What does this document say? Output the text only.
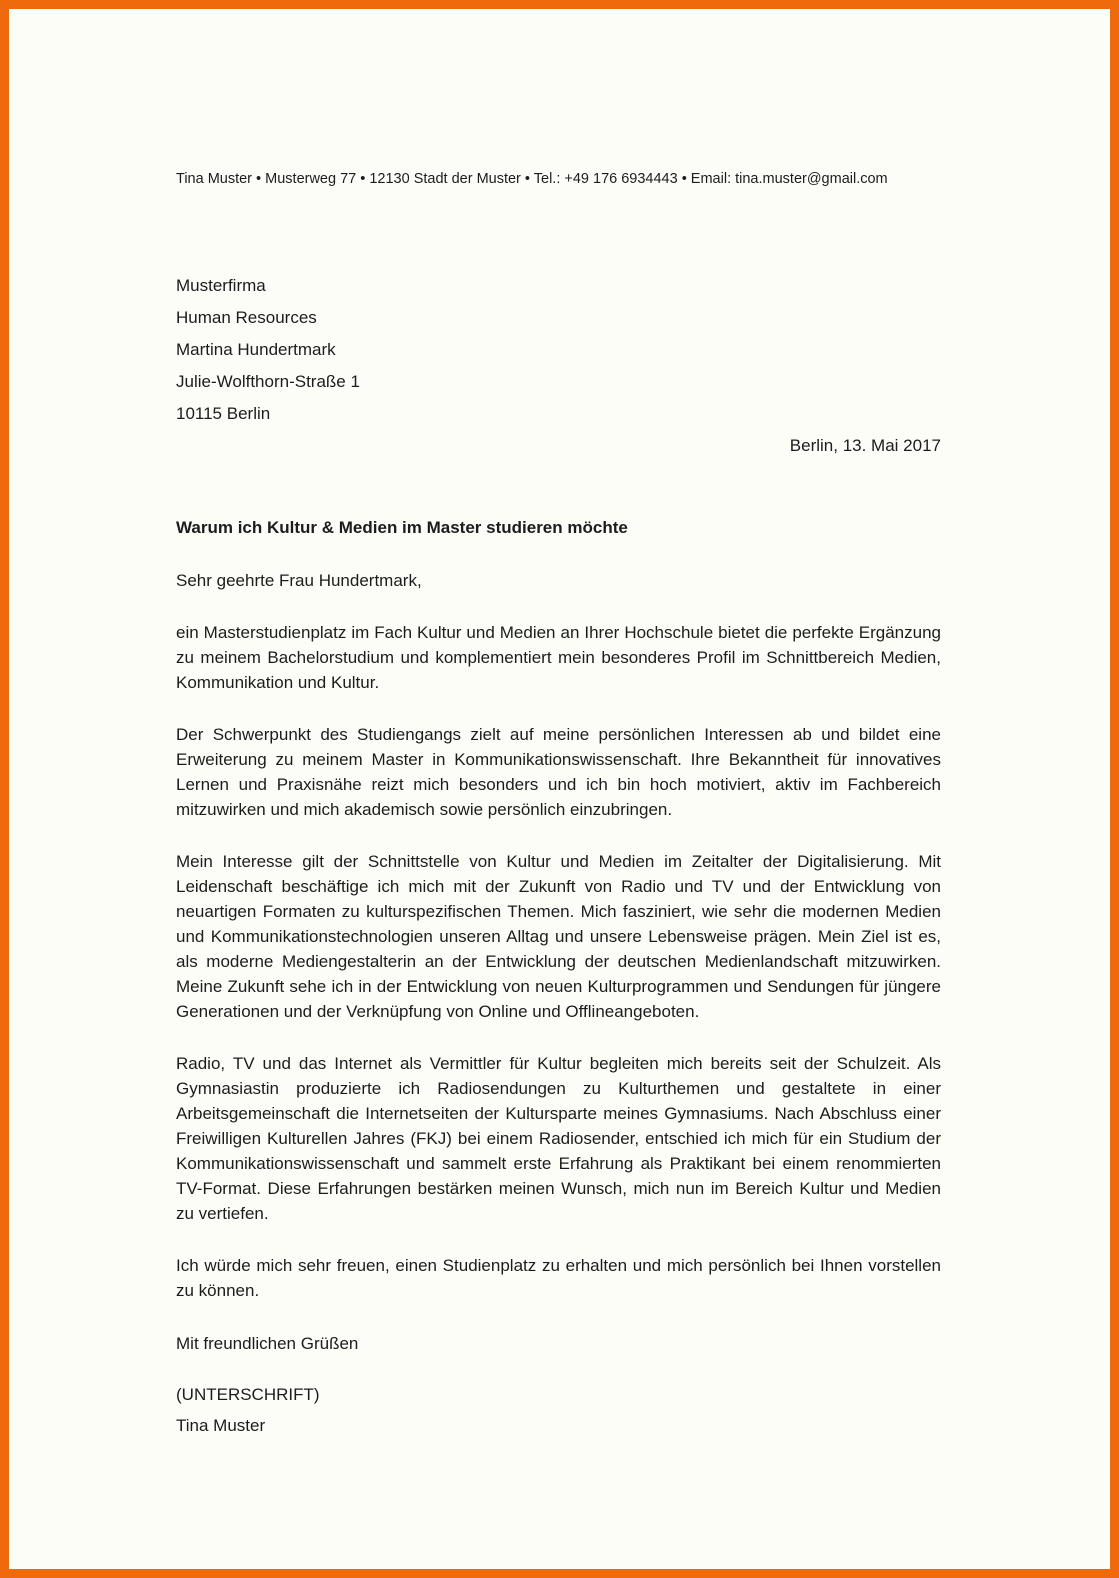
Tina Muster • Musterweg 77 • 12130 Stadt der Muster • Tel.: +49 176 6934443 • Email: tina.muster@gmail.com
Musterfirma
Human Resources
Martina Hundertmark
Julie-Wolfthorn-Straße 1
10115 Berlin
Berlin, 13. Mai 2017
Warum ich Kultur & Medien im Master studieren möchte
Sehr geehrte Frau Hundertmark,

ein Masterstudienplatz im Fach Kultur und Medien an Ihrer Hochschule bietet die perfekte Ergänzung zu meinem Bachelorstudium und komplementiert mein besonderes Profil im Schnittbereich Medien, Kommunikation und Kultur.

Der Schwerpunkt des Studiengangs zielt auf meine persönlichen Interessen ab und bildet eine Erweiterung zu meinem Master in Kommunikationswissenschaft. Ihre Bekanntheit für innovatives Lernen und Praxisnähe reizt mich besonders und ich bin hoch motiviert, aktiv im Fachbereich mitzuwirken und mich akademisch sowie persönlich einzubringen.

Mein Interesse gilt der Schnittstelle von Kultur und Medien im Zeitalter der Digitalisierung. Mit Leidenschaft beschäftige ich mich mit der Zukunft von Radio und TV und der Entwicklung von neuartigen Formaten zu kulturspezifischen Themen. Mich fasziniert, wie sehr die modernen Medien und Kommunikationstechnologien unseren Alltag und unsere Lebensweise prägen. Mein Ziel ist es, als moderne Mediengestalterin an der Entwicklung der deutschen Medienlandschaft mitzuwirken. Meine Zukunft sehe ich in der Entwicklung von neuen Kulturprogrammen und Sendungen für jüngere Generationen und der Verknüpfung von Online und Offlineangeboten.

Radio, TV und das Internet als Vermittler für Kultur begleiten mich bereits seit der Schulzeit. Als Gymnasiastin produzierte ich Radiosendungen zu Kulturthemen und gestaltete in einer Arbeitsgemeinschaft die Internetseiten der Kultursparte meines Gymnasiums. Nach Abschluss einer Freiwilligen Kulturellen Jahres (FKJ) bei einem Radiosender, entschied ich mich für ein Studium der Kommunikationswissenschaft und sammelt erste Erfahrung als Praktikant bei einem renommierten TV-Format. Diese Erfahrungen bestärken meinen Wunsch, mich nun im Bereich Kultur und Medien zu vertiefen.

Ich würde mich sehr freuen, einen Studienplatz zu erhalten und mich persönlich bei Ihnen vorstellen zu können.

Mit freundlichen Grüßen
(UNTERSCHRIFT)
Tina Muster
